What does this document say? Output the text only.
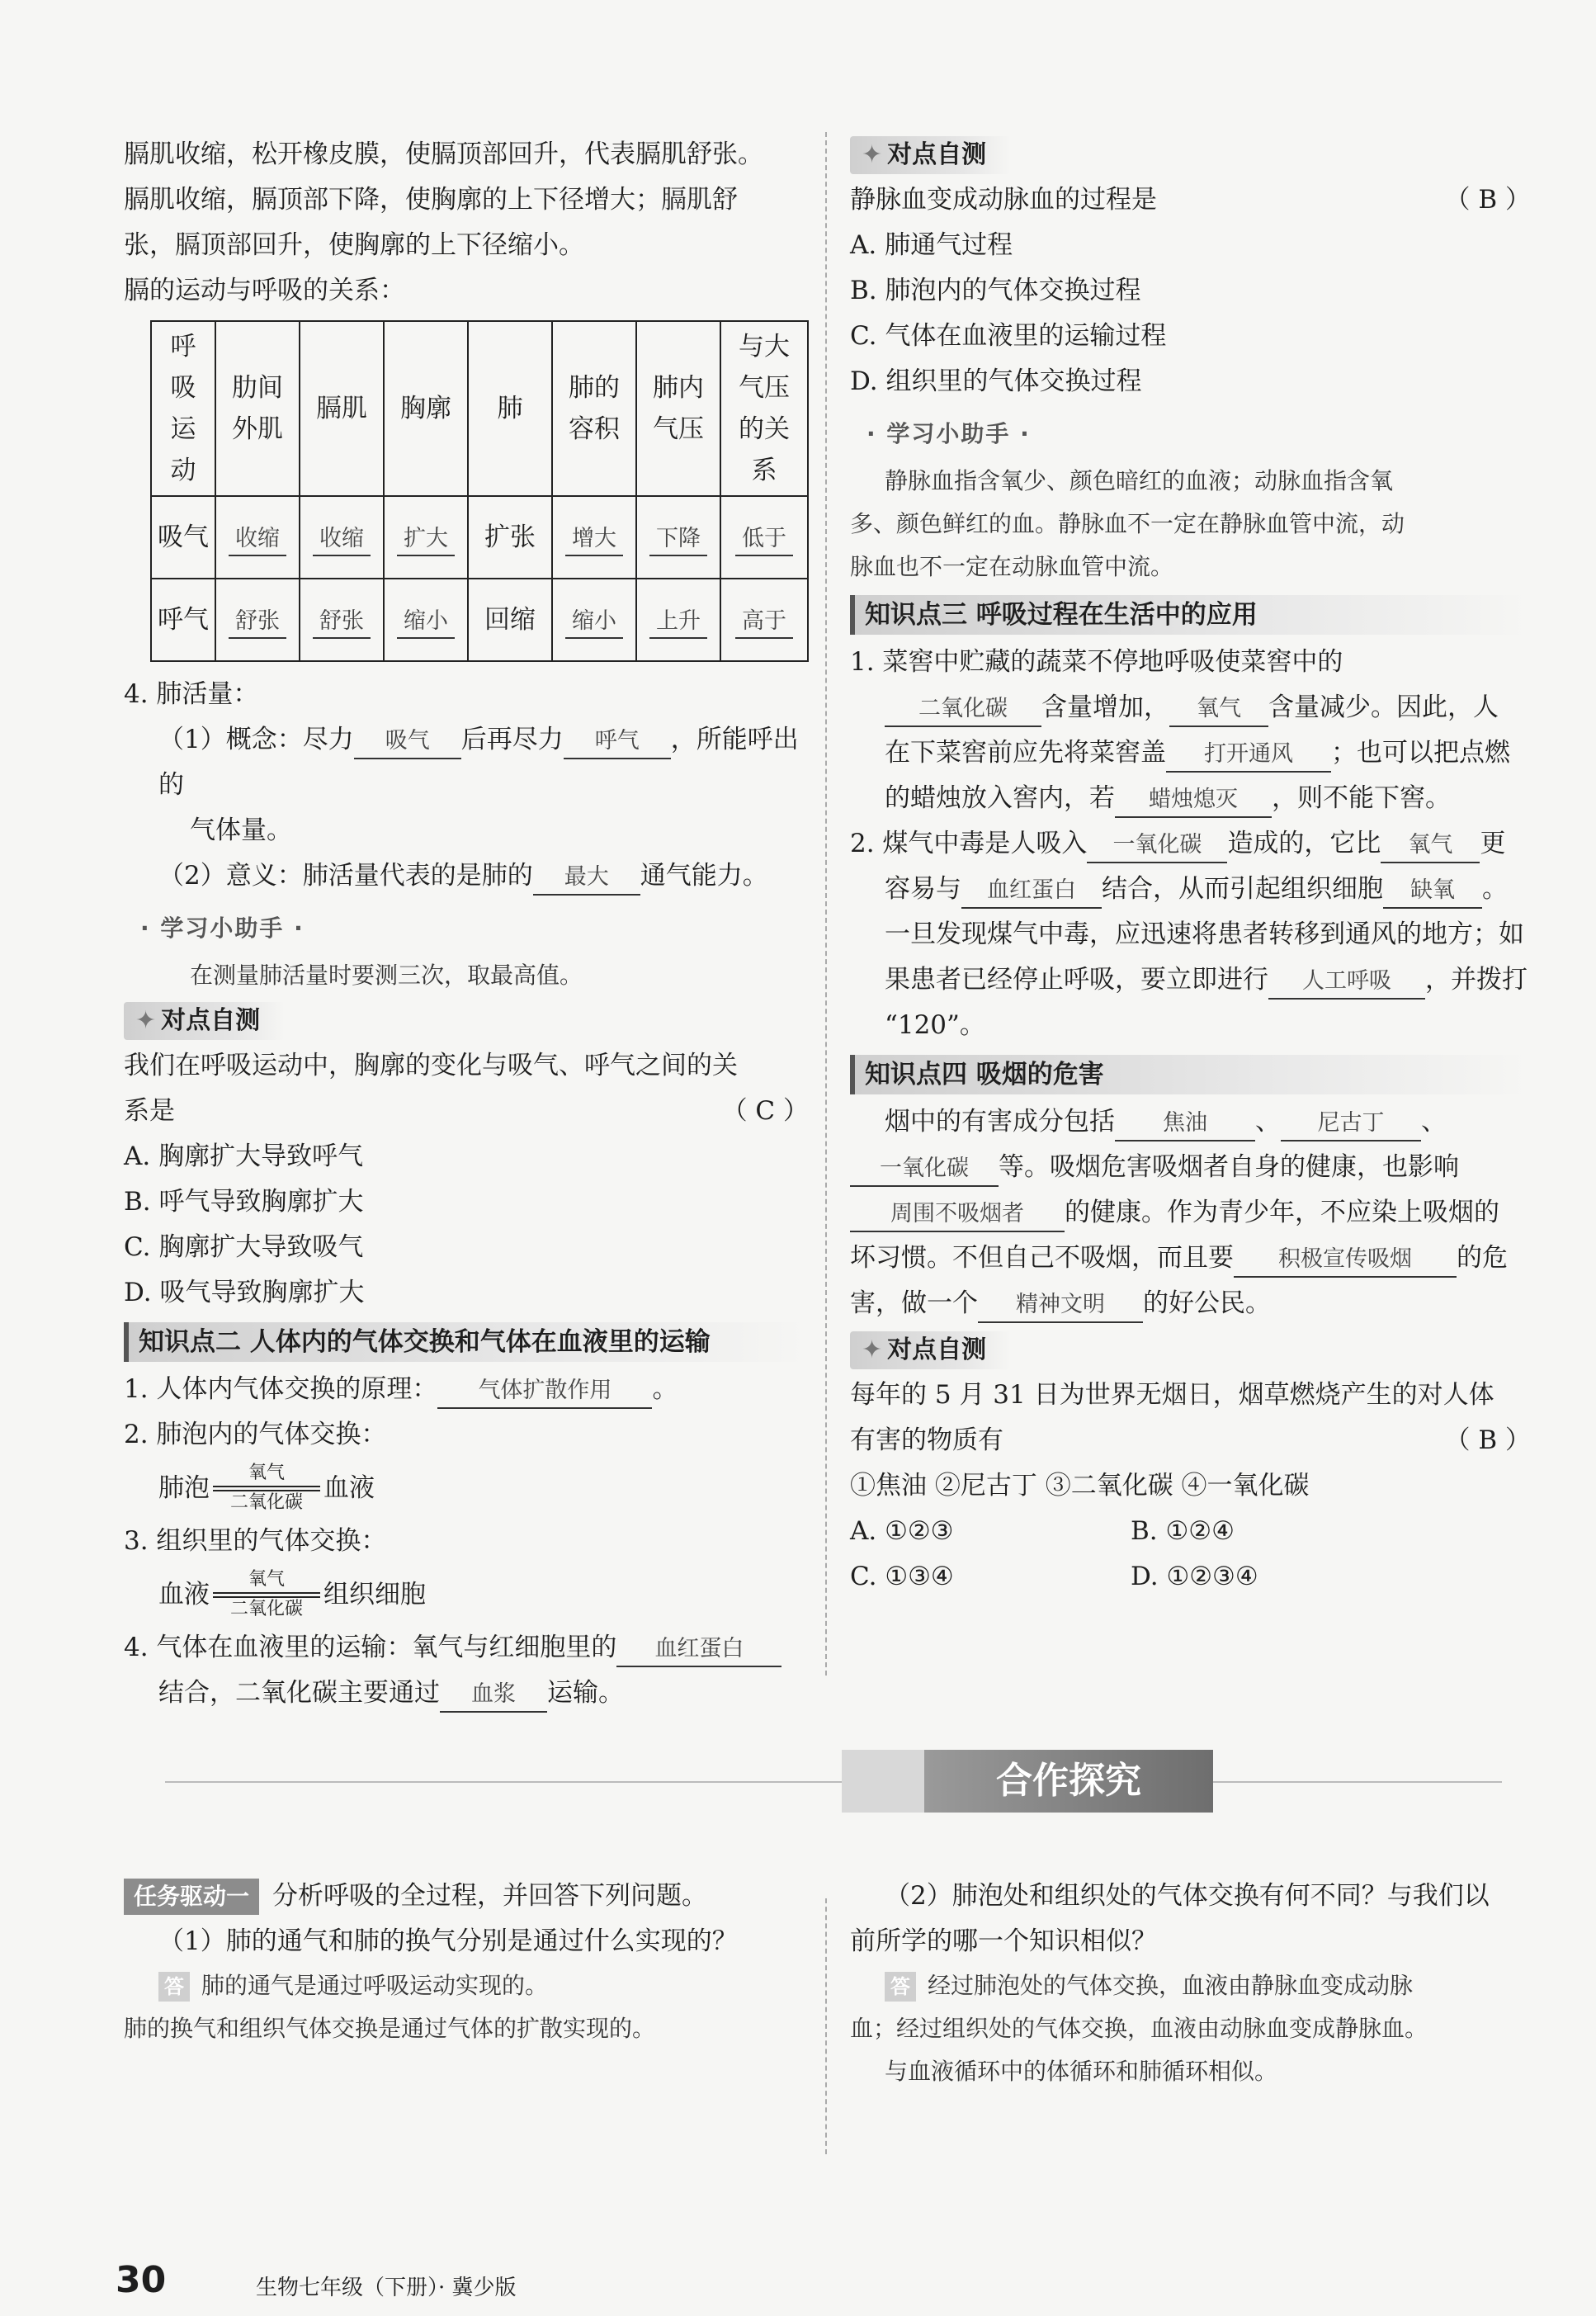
膈肌收缩，松开橡皮膜，使膈顶部回升，代表膈肌舒张。

膈肌收缩，膈顶部下降，使胸廓的上下径增大；膈肌舒

张，膈顶部回升，使胸廓的上下径缩小。

膈的运动与呼吸的关系：

呼吸运动	肋间外肌	膈肌	胸廓	肺	肺的容积	肺内气压	与大气压的关系
吸气	收缩	收缩	扩大	扩张	增大	下降	低于
呼气	舒张	舒张	缩小	回缩	缩小	上升	高于

4. 肺活量：

（1）概念：尽力 吸气 后再尽力 呼气 ，所能呼出的

气体量。

（2）意义：肺活量代表的是肺的 最大 通气能力。

· 学习小助手 ·

在测量肺活量时要测三次，取最高值。

✦ 对点自测

我们在呼吸运动中，胸廓的变化与吸气、呼气之间的关

系是	（ C ）

A. 胸廓扩大导致呼气

B. 呼气导致胸廓扩大

C. 胸廓扩大导致吸气

D. 吸气导致胸廓扩大

知识点二 人体内的气体交换和气体在血液里的运输

1. 人体内气体交换的原理： 气体扩散作用 。

2. 肺泡内的气体交换：

肺泡 氧气
二氧化碳 血液

3. 组织里的气体交换：

血液 氧气
二氧化碳 组织细胞

4. 气体在血液里的运输：氧气与红细胞里的 血红蛋白

结合，二氧化碳主要通过 血浆 运输。

✦ 对点自测

静脉血变成动脉血的过程是	（ B ）

A. 肺通气过程

B. 肺泡内的气体交换过程

C. 气体在血液里的运输过程

D. 组织里的气体交换过程

· 学习小助手 ·

静脉血指含氧少、颜色暗红的血液；动脉血指含氧

多、颜色鲜红的血。静脉血不一定在静脉血管中流，动

脉血也不一定在动脉血管中流。

知识点三 呼吸过程在生活中的应用

1. 菜窖中贮藏的蔬菜不停地呼吸使菜窖中的

二氧化碳 含量增加， 氧气 含量减少。因此，人

在下菜窖前应先将菜窖盖 打开通风 ；也可以把点燃

的蜡烛放入窖内，若 蜡烛熄灭 ，则不能下窖。

2. 煤气中毒是人吸入 一氧化碳 造成的，它比 氧气 更

容易与 血红蛋白 结合，从而引起组织细胞 缺氧 。

一旦发现煤气中毒，应迅速将患者转移到通风的地方；如

果患者已经停止呼吸，要立即进行 人工呼吸 ，并拨打

“120”。

知识点四 吸烟的危害

烟中的有害成分包括 焦油 、 尼古丁 、

一氧化碳 等。吸烟危害吸烟者自身的健康，也影响

周围不吸烟者 的健康。作为青少年，不应染上吸烟的

坏习惯。不但自己不吸烟，而且要 积极宣传吸烟 的危

害，做一个 精神文明 的好公民。

✦ 对点自测

每年的 5 月 31 日为世界无烟日，烟草燃烧产生的对人体

有害的物质有	（ B ）

①焦油 ②尼古丁 ③二氧化碳 ④一氧化碳

A. ①②③	B. ①②④
C. ①③④	D. ①②③④
合作探究

任务驱动一 分析呼吸的全过程，并回答下列问题。

（1）肺的通气和肺的换气分别是通过什么实现的？

答 肺的通气是通过呼吸运动实现的。

肺的换气和组织气体交换是通过气体的扩散实现的。

（2）肺泡处和组织处的气体交换有何不同？与我们以

前所学的哪一个知识相似？

答 经过肺泡处的气体交换，血液由静脉血变成动脉

血；经过组织处的气体交换，血液由动脉血变成静脉血。

与血液循环中的体循环和肺循环相似。

30	生物七年级（下册）· 冀少版
